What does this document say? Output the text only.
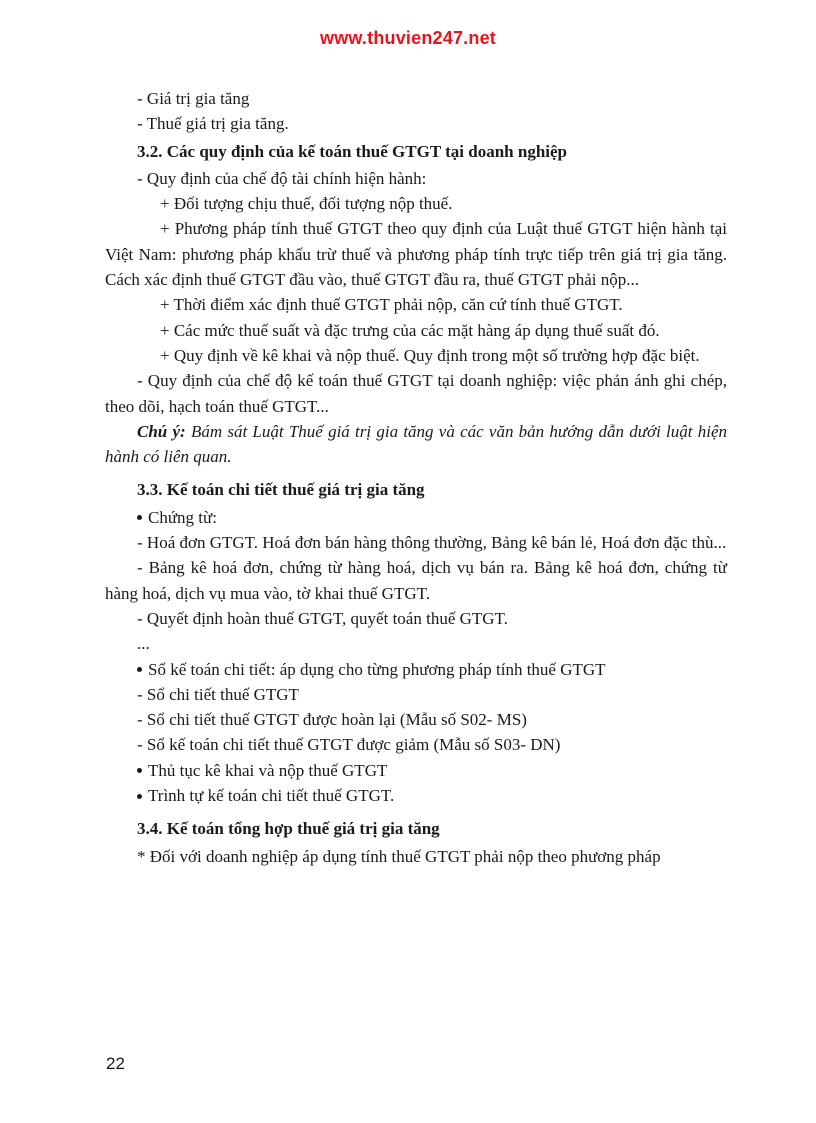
www.thuvien247.net
- Giá trị gia tăng
- Thuế giá trị gia tăng.
3.2. Các quy định của kế toán thuế GTGT tại doanh nghiệp
- Quy định của chế độ tài chính hiện hành:
+ Đối tượng chịu thuế, đối tượng nộp thuế.
+ Phương pháp tính thuế GTGT theo quy định của Luật thuế GTGT hiện hành tại Việt Nam: phương pháp khấu trừ thuế và phương pháp tính trực tiếp trên giá trị gia tăng. Cách xác định thuế GTGT đầu vào, thuế GTGT đầu ra, thuế GTGT phải nộp...
+ Thời điểm xác định thuế GTGT phải nộp, căn cứ tính thuế GTGT.
+ Các mức thuế suất và đặc trưng của các mặt hàng áp dụng thuế suất đó.
+ Quy định về kê khai và nộp thuế. Quy định trong một số trường hợp đặc biệt.
- Quy định của chế độ kế toán thuế GTGT tại doanh nghiệp: việc phản ánh ghi chép, theo dõi, hạch toán thuế GTGT...
Chú ý: Bám sát Luật Thuế giá trị gia tăng và các văn bản hướng dẫn dưới luật hiện hành có liên quan.
3.3. Kế toán chi tiết thuế giá trị gia tăng
Chứng từ:
- Hoá đơn GTGT. Hoá đơn bán hàng thông thường, Bảng kê bán lẻ, Hoá đơn đặc thù...
- Bảng kê hoá đơn, chứng từ hàng hoá, dịch vụ bán ra. Bảng kê hoá đơn, chứng từ hàng hoá, dịch vụ mua vào, tờ khai thuế GTGT.
- Quyết định hoàn thuế GTGT, quyết toán thuế GTGT.
...
Sổ kế toán chi tiết: áp dụng cho từng phương pháp tính thuế GTGT
- Sổ chi tiết thuế GTGT
- Sổ chi tiết thuế GTGT được hoàn lại (Mẫu số S02- MS)
- Sổ kế toán chi tiết thuế GTGT được giảm (Mẫu số S03- DN)
Thủ tục kê khai và nộp thuế GTGT
Trình tự kế toán chi tiết thuế GTGT.
3.4. Kế toán tổng hợp thuế giá trị gia tăng
* Đối với doanh nghiệp áp dụng tính thuế GTGT phải nộp theo phương pháp
22
